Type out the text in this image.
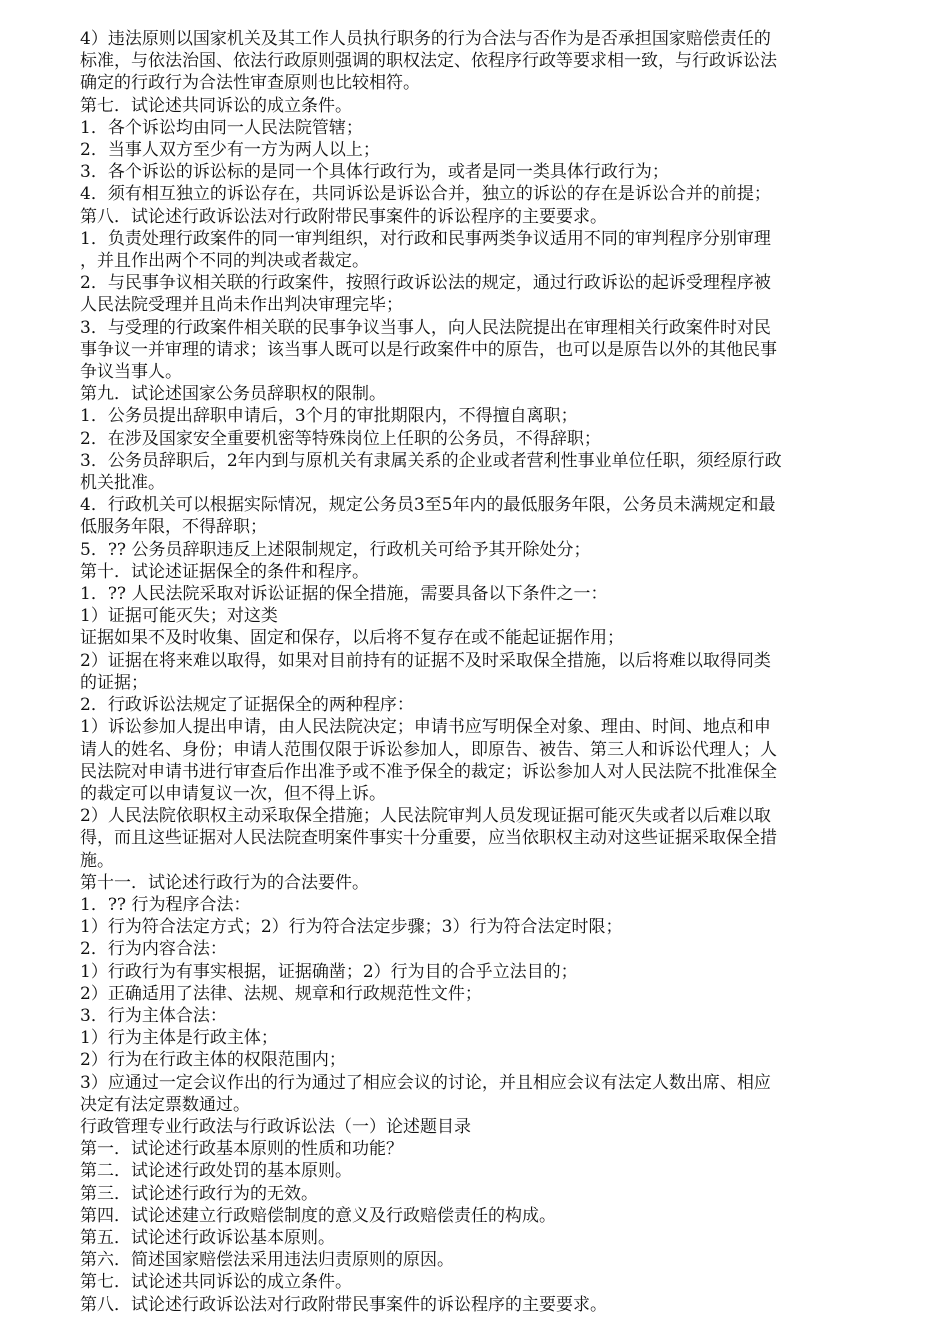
4）违法原则以国家机关及其工作人员执行职务的行为合法与否作为是否承担国家赔偿责任的
标准，与依法治国、依法行政原则强调的职权法定、依程序行政等要求相一致，与行政诉讼法
确定的行政行为合法性审查原则也比较相符。
第七．试论述共同诉讼的成立条件。
1．各个诉讼均由同一人民法院管辖；
2．当事人双方至少有一方为两人以上；
3．各个诉讼的诉讼标的是同一个具体行政行为，或者是同一类具体行政行为；
4．须有相互独立的诉讼存在，共同诉讼是诉讼合并，独立的诉讼的存在是诉讼合并的前提；
第八．试论述行政诉讼法对行政附带民事案件的诉讼程序的主要要求。
1．负责处理行政案件的同一审判组织，对行政和民事两类争议适用不同的审判程序分别审理
，并且作出两个不同的判决或者裁定。
2．与民事争议相关联的行政案件，按照行政诉讼法的规定，通过行政诉讼的起诉受理程序被
人民法院受理并且尚未作出判决审理完毕；
3．与受理的行政案件相关联的民事争议当事人，向人民法院提出在审理相关行政案件时对民
事争议一并审理的请求；该当事人既可以是行政案件中的原告，也可以是原告以外的其他民事
争议当事人。
第九．试论述国家公务员辞职权的限制。
1．公务员提出辞职申请后，3个月的审批期限内，不得擅自离职；
2．在涉及国家安全重要机密等特殊岗位上任职的公务员，不得辞职；
3．公务员辞职后，2年内到与原机关有隶属关系的企业或者营利性事业单位任职，须经原行政
机关批准。
4．行政机关可以根据实际情况，规定公务员3至5年内的最低服务年限，公务员未满规定和最
低服务年限，不得辞职；
5．?? 公务员辞职违反上述限制规定，行政机关可给予其开除处分；
第十．试论述证据保全的条件和程序。
1．?? 人民法院采取对诉讼证据的保全措施，需要具备以下条件之一：
1）证据可能灭失；对这类
证据如果不及时收集、固定和保存，以后将不复存在或不能起证据作用；
2）证据在将来难以取得，如果对目前持有的证据不及时采取保全措施，以后将难以取得同类
的证据；
2．行政诉讼法规定了证据保全的两种程序：
1）诉讼参加人提出申请，由人民法院决定；申请书应写明保全对象、理由、时间、地点和申
请人的姓名、身份；申请人范围仅限于诉讼参加人，即原告、被告、第三人和诉讼代理人；人
民法院对申请书进行审查后作出准予或不准予保全的裁定；诉讼参加人对人民法院不批准保全
的裁定可以申请复议一次，但不得上诉。
2）人民法院依职权主动采取保全措施；人民法院审判人员发现证据可能灭失或者以后难以取
得，而且这些证据对人民法院查明案件事实十分重要，应当依职权主动对这些证据采取保全措
施。
第十一．试论述行政行为的合法要件。
1．?? 行为程序合法：
1）行为符合法定方式；2）行为符合法定步骤；3）行为符合法定时限；
2．行为内容合法：
1）行政行为有事实根据，证据确凿；2）行为目的合乎立法目的；
2）正确适用了法律、法规、规章和行政规范性文件；
3．行为主体合法：
1）行为主体是行政主体；
2）行为在行政主体的权限范围内；
3）应通过一定会议作出的行为通过了相应会议的讨论，并且相应会议有法定人数出席、相应
决定有法定票数通过。
行政管理专业行政法与行政诉讼法（一）论述题目录
第一．试论述行政基本原则的性质和功能？
第二．试论述行政处罚的基本原则。
第三．试论述行政行为的无效。
第四．试论述建立行政赔偿制度的意义及行政赔偿责任的构成。
第五．试论述行政诉讼基本原则。
第六．简述国家赔偿法采用违法归责原则的原因。
第七．试论述共同诉讼的成立条件。
第八．试论述行政诉讼法对行政附带民事案件的诉讼程序的主要要求。
